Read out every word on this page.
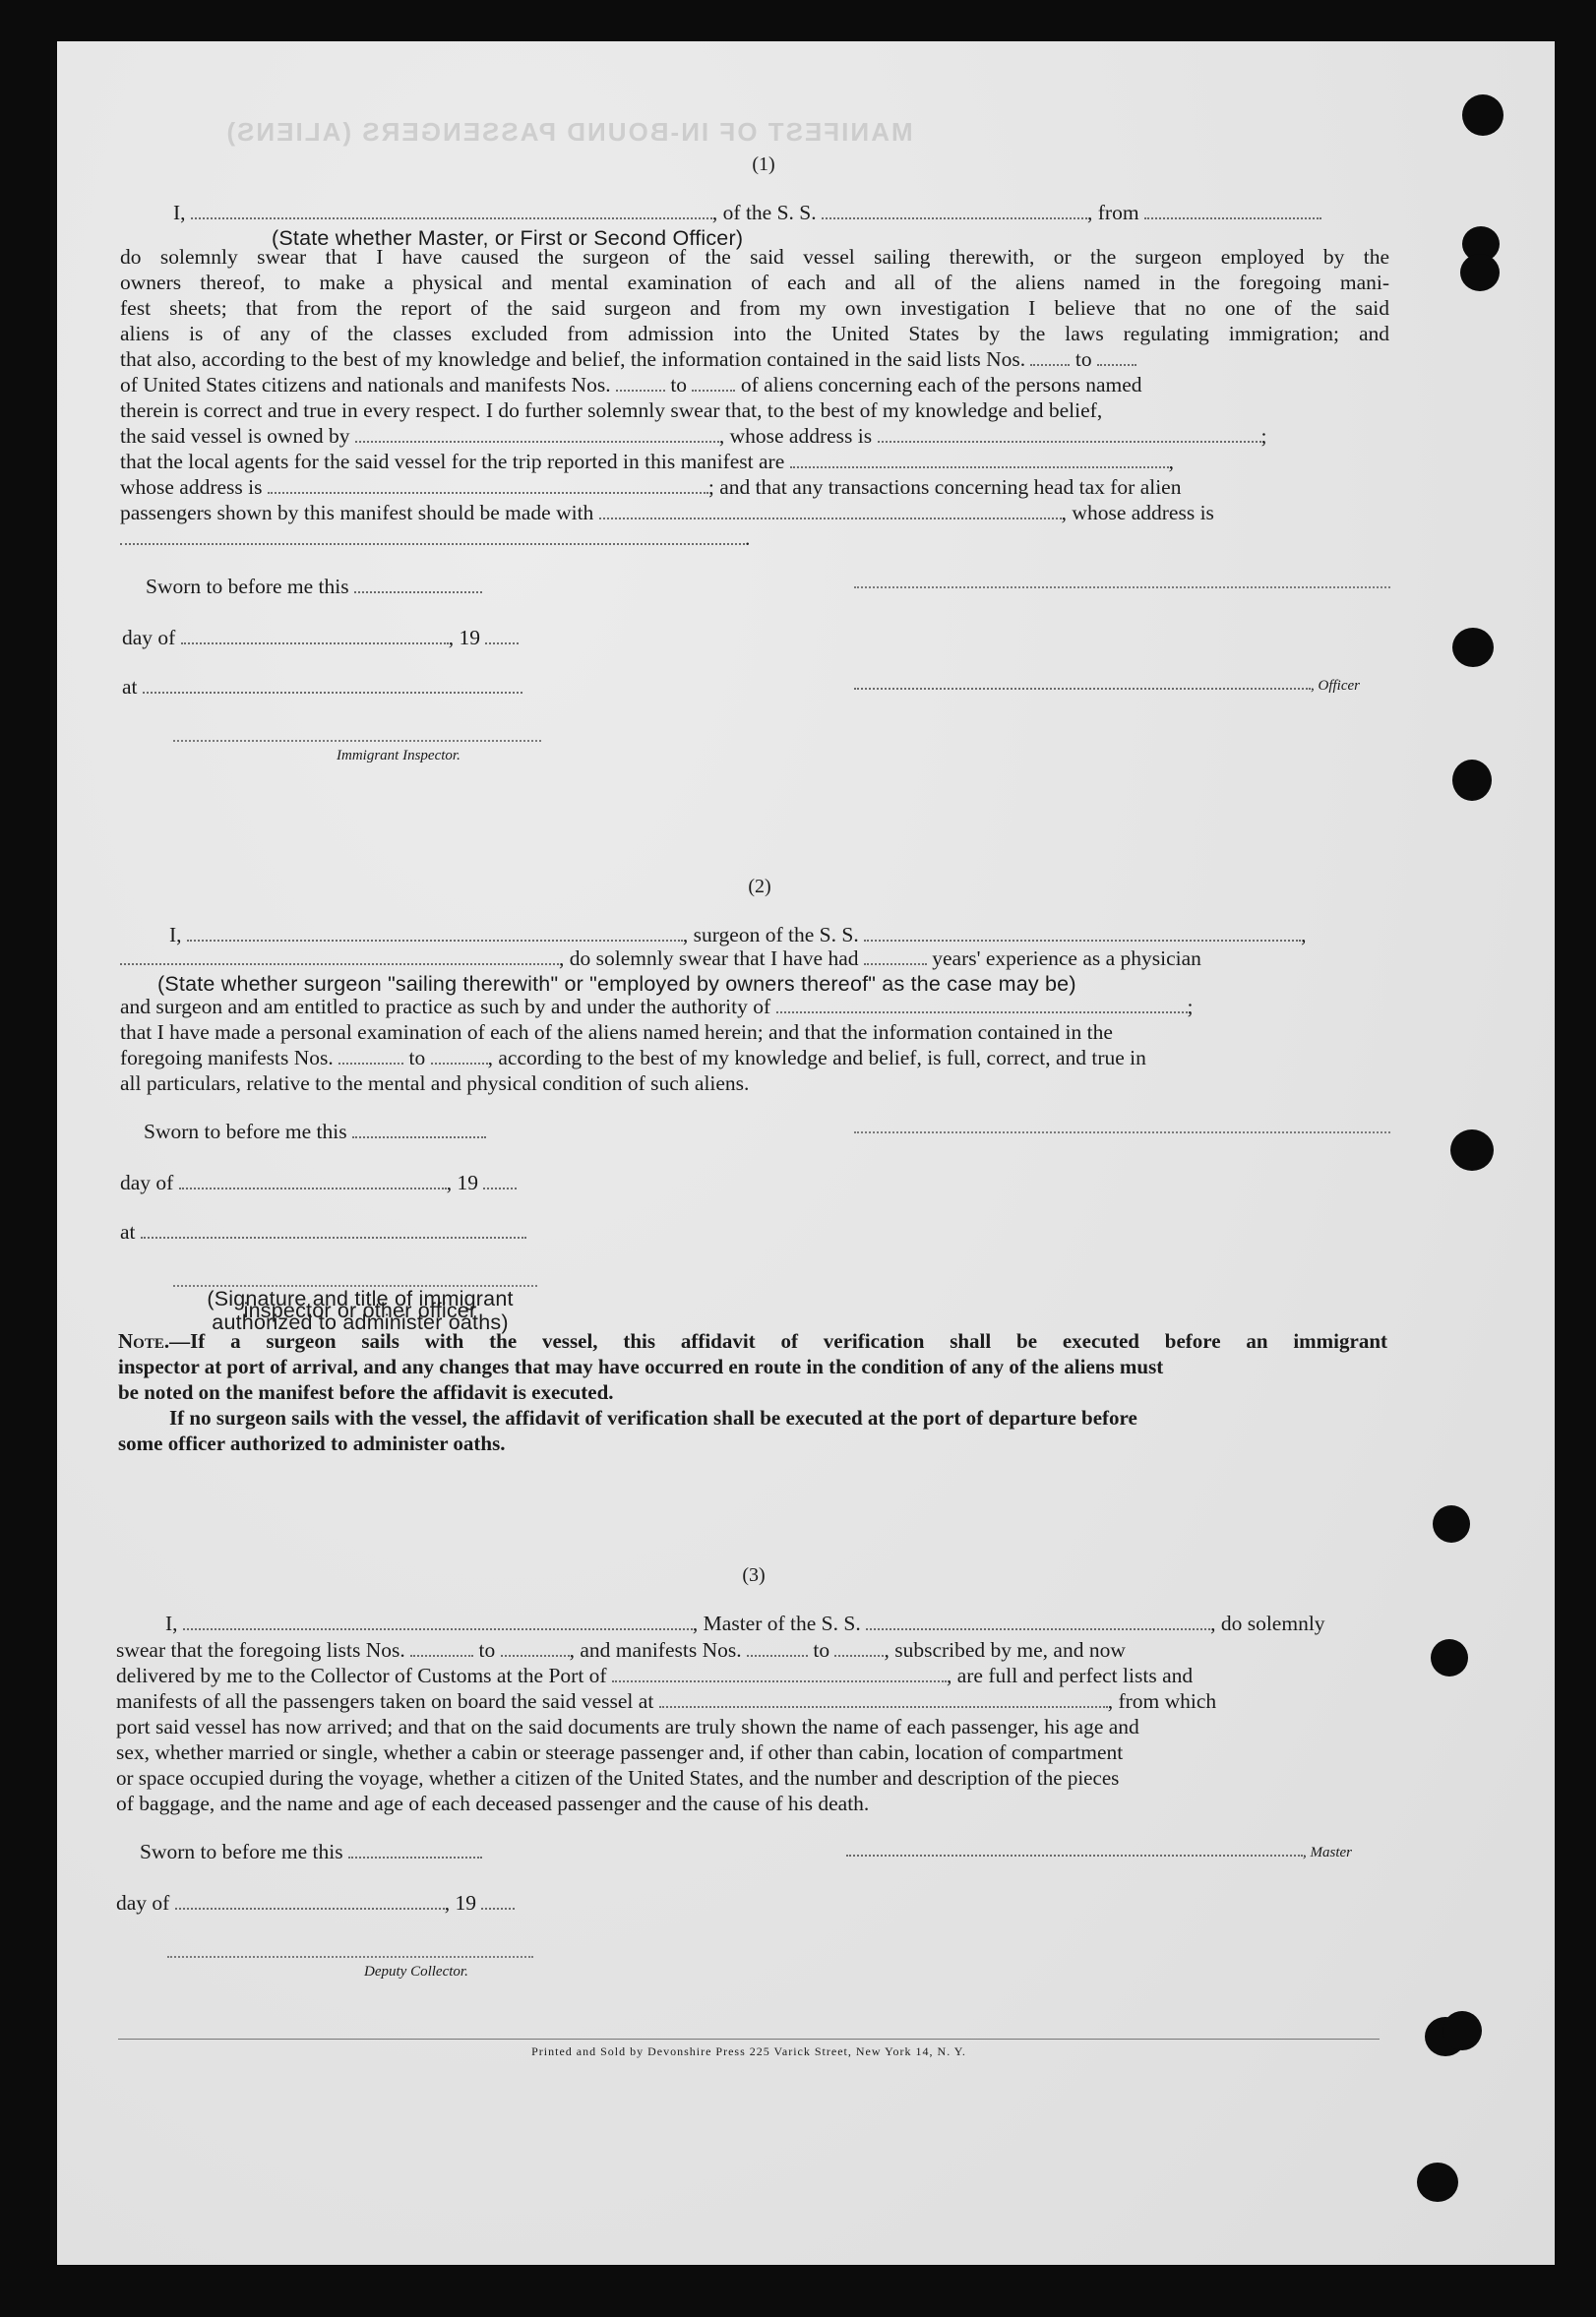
MANIFEST OF IN-BOUND PASSENGERS (ALIENS)
(1)
I,	, of the S. S.	, from
(State whether Master, or First or Second Officer)
do solemnly swear that I have caused the surgeon of the said vessel sailing therewith, or the surgeon employed by the
owners thereof, to make a physical and mental examination of each and all of the aliens named in the foregoing mani-
fest sheets; that from the report of the said surgeon and from my own investigation I believe that no one of the said
aliens is of any of the classes excluded from admission into the United States by the laws regulating immigration; and
that also, according to the best of my knowledge and belief, the information contained in the said lists Nos. to
of United States citizens and nationals and manifests Nos.	to	of aliens concerning each of the persons named
therein is correct and true in every respect. I do further solemnly swear that, to the best of my knowledge and belief,
the said vessel is owned by	, whose address is	;
that the local agents for the said vessel for the trip reported in this manifest are	,
whose address is	; and that any transactions concerning head tax for alien
passengers shown by this manifest should be made with	, whose address is
.
Sworn to before me this
day of	, 19
at	, Officer
Immigrant Inspector.
(2)
I,	, surgeon of the S. S.	,
, do solemnly swear that I have had	years' experience as a physician
(State whether surgeon "sailing therewith" or "employed by owners thereof" as the case may be)
and surgeon and am entitled to practice as such by and under the authority of	;
that I have made a personal examination of each of the aliens named herein; and that the information contained in the
foregoing manifests Nos.	to	, according to the best of my knowledge and belief, is full, correct, and true in
all particulars, relative to the mental and physical condition of such aliens.
Sworn to before me this
day of	, 19
at
(Signature and title of immigrant inspector or other officer authorized to administer oaths)
Note.—If a surgeon sails with the vessel, this affidavit of verification shall be executed before an immigrant
inspector at port of arrival, and any changes that may have occurred en route in the condition of any of the aliens must
be noted on the manifest before the affidavit is executed.
If no surgeon sails with the vessel, the affidavit of verification shall be executed at the port of departure before
some officer authorized to administer oaths.
(3)
I,	, Master of the S. S.	, do solemnly
swear that the foregoing lists Nos.	to	, and manifests Nos.	to	, subscribed by me, and now
delivered by me to the Collector of Customs at the Port of	, are full and perfect lists and
manifests of all the passengers taken on board the said vessel at	, from which
port said vessel has now arrived; and that on the said documents are truly shown the name of each passenger, his age and
sex, whether married or single, whether a cabin or steerage passenger and, if other than cabin, location of compartment
or space occupied during the voyage, whether a citizen of the United States, and the number and description of the pieces
of baggage, and the name and age of each deceased passenger and the cause of his death.
Sworn to before me this	, Master
day of	, 19
Deputy Collector.
Printed and Sold by Devonshire Press 225 Varick Street, New York 14, N. Y.
